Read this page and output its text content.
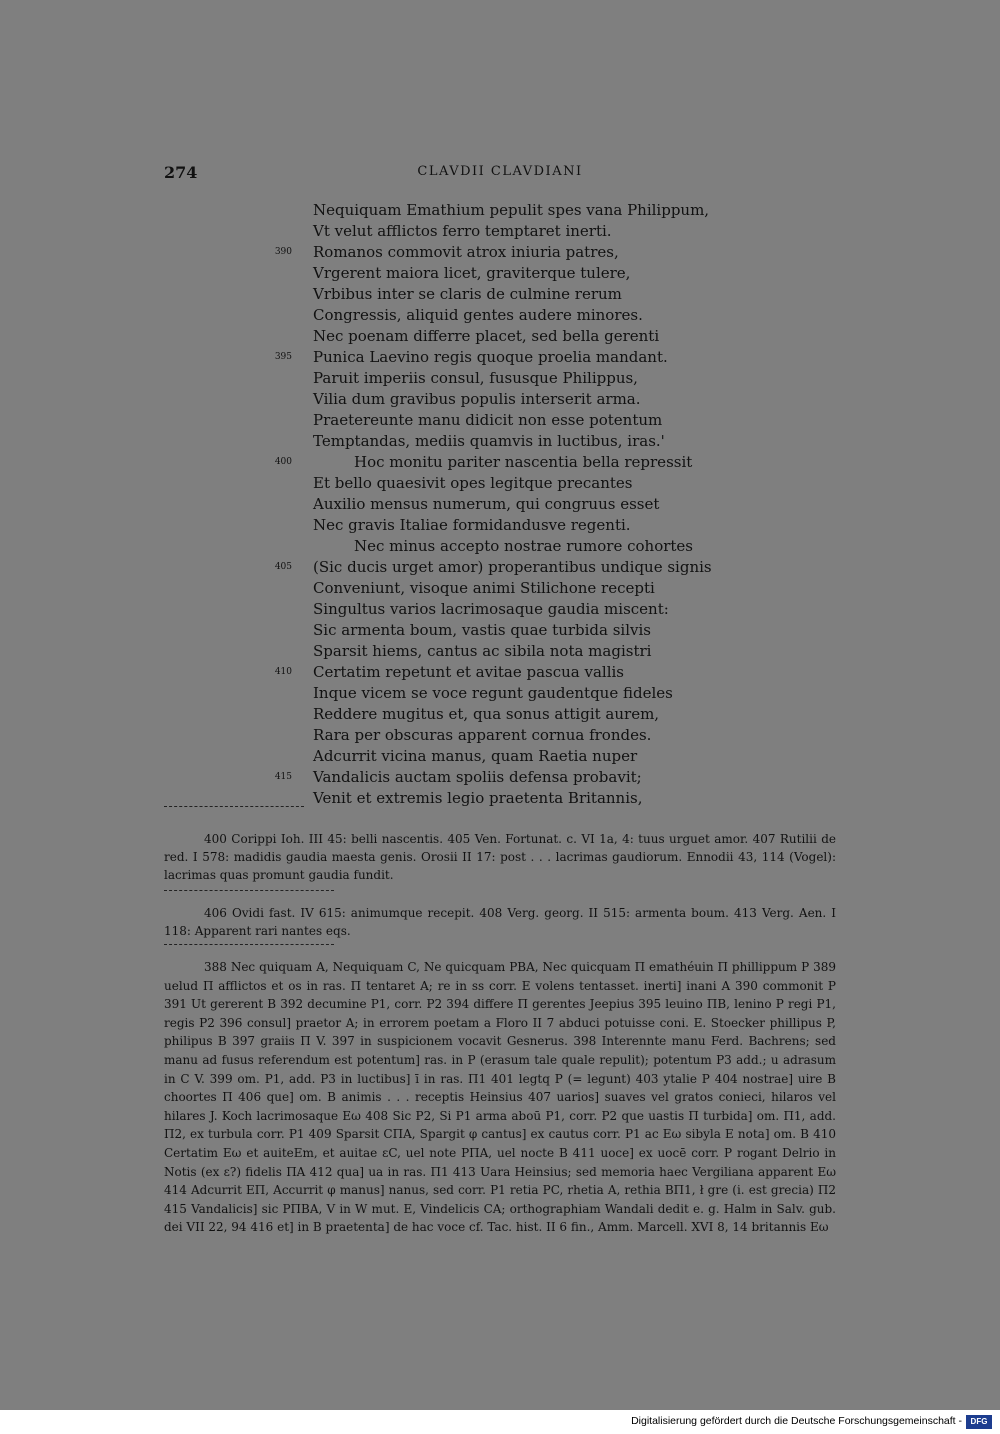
274	CLAVDII CLAVDIANI
Nequiquam Emathium pepulit spes vana Philippum,
Vt velut afflictos ferro temptaret inerti.
390 Romanos commovit atrox iniuria patres,
Vrgerent maiora licet, graviterque tulere,
Vrbibus inter se claris de culmine rerum
Congressis, aliquid gentes audere minores.
Nec poenam differre placet, sed bella gerenti
395 Punica Laevino regis quoque proelia mandant.
Paruit imperiis consul, fususque Philippus,
Vilia dum gravibus populis interserit arma.
Praetereunte manu didicit non esse potentum
Temptandas, mediis quamvis in luctibus, iras.'
400	Hoc monitu pariter nascentia bella repressit
Et bello quaesivit opes legitque precantes
Auxilio mensus numerum, qui congruus esset
Nec gravis Italiae formidandusve regenti.
Nec minus accepto nostrae rumore cohortes
405 (Sic ducis urget amor) properantibus undique signis
Conveniunt, visoque animi Stilichone recepti
Singultus varios lacrimosaque gaudia miscent:
Sic armenta boum, vastis quae turbida silvis
Sparsit hiems, cantus ac sibila nota magistri
410 Certatim repetunt et avitae pascua vallis
Inque vicem se voce regunt gaudentque fideles
Reddere mugitus et, qua sonus attigit aurem,
Rara per obscuras apparent cornua frondes.
Adcurrit vicina manus, quam Raetia nuper
415 Vandalicis auctam spoliis defensa probavit;
Venit et extremis legio praetenta Britannis,

400 Corippi Ioh. III 45: belli nascentis. 405 Ven. Fortunat. c. VI 1a, 4: tuus urguet amor. 407 Rutilii de red. I 578: madidis gaudia maesta genis. Orosii II 17: post . . . lacrimas gaudiorum. Ennodii 43, 114 (Vogel): lacrimas quas promunt gaudia fundit.

406 Ovidi fast. IV 615: animumque recepit. 408 Verg. georg. II 515: armenta boum. 413 Verg. Aen. I 118: Apparent rari nantes eqs.

388 Nec quiquam A, Nequiquam C, Ne quicquam PBA, Nec quicquam Π emathéuin Π phillippum P 389 uelud Π afflictos et os in ras. Π tentaret A; re in ss corr. E volens tentasset. inerti] inani A 390 commonit P 391 Ut gererent B 392 decumine P1, corr. P2 394 differe Π gerentes Jeepius 395 leuino ΠB, lenino P regi P1, regis P2 396 consul] praetor A; in errorem poetam a Floro II 7 abduci potuisse coni. E. Stoecker phillipus P, philipus B 397 graiis Π V. 397 in suspicionem vocavit Gesnerus. 398 Interennte manu Ferd. Bachrens; sed manu ad fusus referendum est potentum] ras. in P (erasum tale quale repulit); potentum P3 add.; u adrasum in C V. 399 om. P1, add. P3 in luctibus] ī in ras. Π1 401 legtq P (= legunt) 403 ytalie P 404 nostrae] uire B choortes Π 406 que] om. B animis . . . receptis Heinsius 407 uarios] suaves vel gratos conieci, hilaros vel hilares J. Koch lacrimosaque Eω 408 Sic P2, Si P1 arma aboū P1, corr. P2 que uastis Π turbida] om. Π1, add. Π2, ex turbula corr. P1 409 Sparsit CΠA, Spargit φ cantus] ex cautus corr. P1 ac Eω sibyla E nota] om. B 410 Certatim Eω et auiteEm, et auitae εC, uel note PΠA, uel nocte B 411 uoce] ex uocē corr. P rogant Delrio in Notis (ex ε?) fidelis ΠA 412 qua] ua in ras. Π1 413 Uara Heinsius; sed memoria haec Vergiliana apparent Eω 414 Adcurrit EΠ, Accurrit φ manus] nanus, sed corr. P1 retia PC, rhetia A, rethia BΠ1, ł gre (i. est grecia) Π2 415 Vandalicis] sic PΠBA, V in W mut. E, Vindelicis CA; orthographiam Wandali dedit e. g. Halm in Salv. gub. dei VII 22, 94 416 et] in B praetenta] de hac voce cf. Tac. hist. II 6 fin., Amm. Marcell. XVI 8, 14 britannis Eω

Digitalisierung gefördert durch die Deutsche Forschungsgemeinschaft -	DFG
